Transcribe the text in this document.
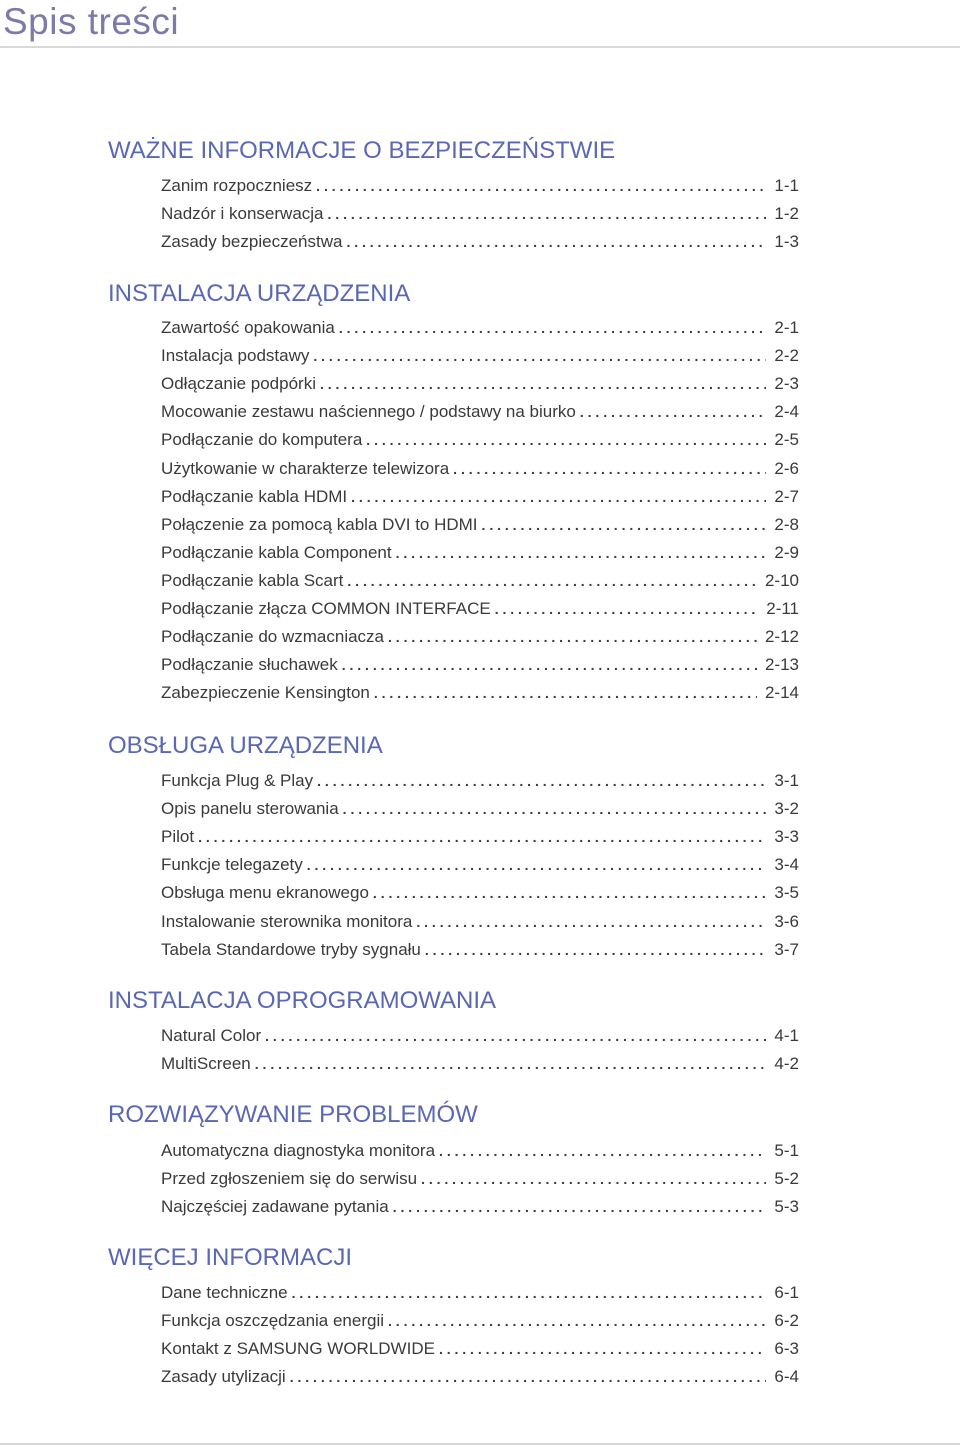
Spis treści
WAŻNE INFORMACJE O BEZPIECZEŃSTWIE
Zanim rozpoczniesz . . .	1-1
Nadzór i konserwacja . . .	1-2
Zasady bezpieczeństwa . . .	1-3
INSTALACJA URZĄDZENIA
Zawartość opakowania . . .	2-1
Instalacja podstawy . . .	2-2
Odłączanie podpórki . . .	2-3
Mocowanie zestawu naściennego / podstawy na biurko . . .	2-4
Podłączanie do komputera . . .	2-5
Użytkowanie w charakterze telewizora . . .	2-6
Podłączanie kabla HDMI . . .	2-7
Połączenie za pomocą kabla DVI to HDMI . . .	2-8
Podłączanie kabla Component . . .	2-9
Podłączanie kabla Scart . . .	2-10
Podłączanie złącza COMMON INTERFACE . . .	2-11
Podłączanie do wzmacniacza . . .	2-12
Podłączanie słuchawek . . .	2-13
Zabezpieczenie Kensington . . .	2-14
OBSŁUGA URZĄDZENIA
Funkcja Plug & Play . . .	3-1
Opis panelu sterowania . . .	3-2
Pilot . . .	3-3
Funkcje telegazety . . .	3-4
Obsługa menu ekranowego . . .	3-5
Instalowanie sterownika monitora . . .	3-6
Tabela Standardowe tryby sygnału . . .	3-7
INSTALACJA OPROGRAMOWANIA
Natural Color . . .	4-1
MultiScreen . . .	4-2
ROZWIĄZYWANIE PROBLEMÓW
Automatyczna diagnostyka monitora . . .	5-1
Przed zgłoszeniem się do serwisu . . .	5-2
Najczęściej zadawane pytania . . .	5-3
WIĘCEJ INFORMACJI
Dane techniczne . . .	6-1
Funkcja oszczędzania energii . . .	6-2
Kontakt z SAMSUNG WORLDWIDE . . .	6-3
Zasady utylizacji . . .	6-4
